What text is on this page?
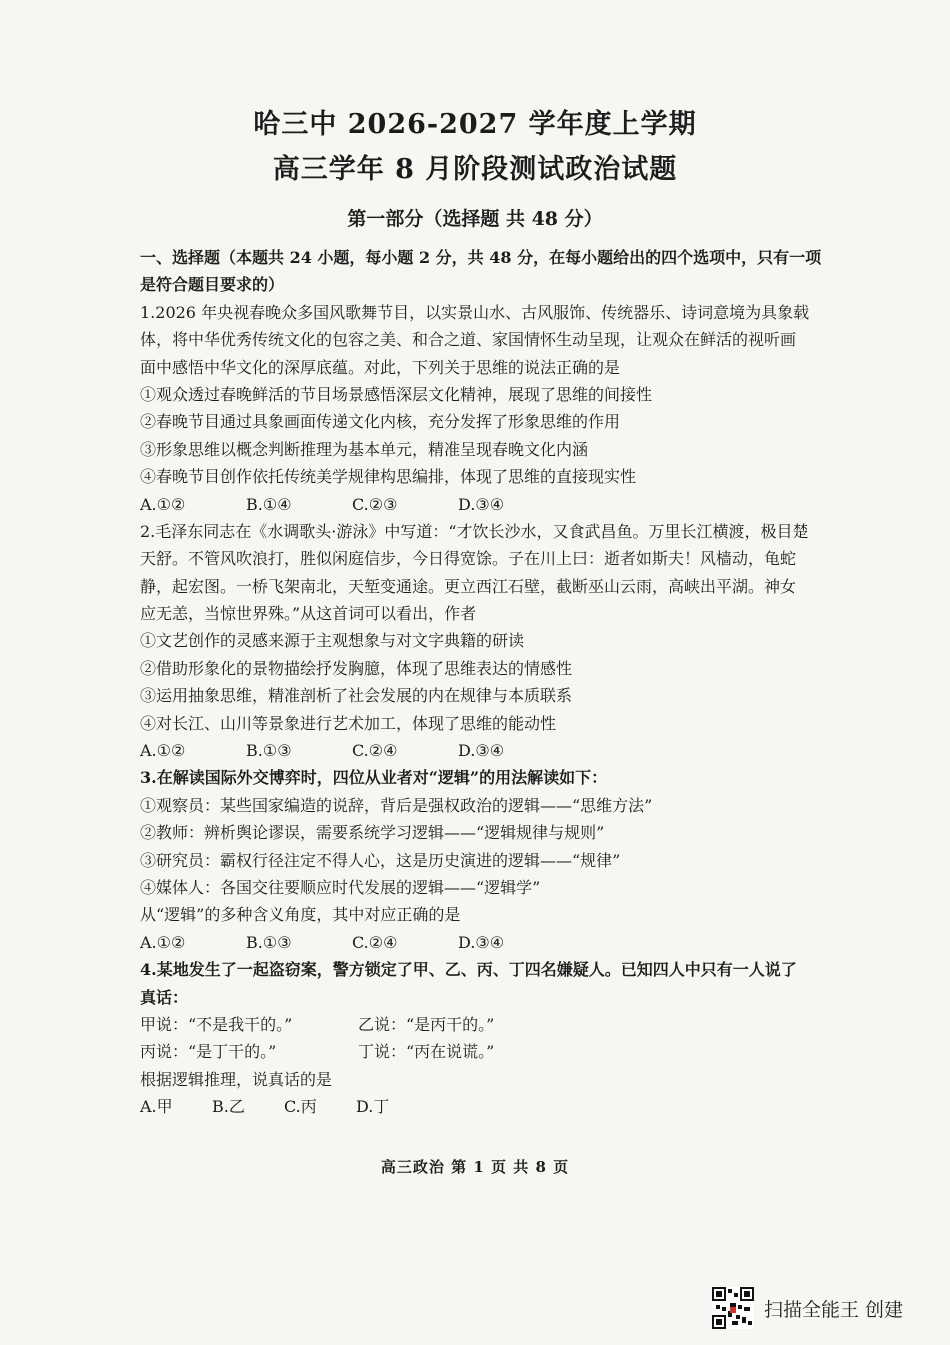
哈三中 2026-2027 学年度上学期
高三学年 8 月阶段测试政治试题
第一部分（选择题 共 48 分）
一、选择题（本题共 24 小题，每小题 2 分，共 48 分，在每小题给出的四个选项中，只有一项
是符合题目要求的）
1.2026 年央视春晚众多国风歌舞节目，以实景山水、古风服饰、传统器乐、诗词意境为具象载
体，将中华优秀传统文化的包容之美、和合之道、家国情怀生动呈现，让观众在鲜活的视听画
面中感悟中华文化的深厚底蕴。对此，下列关于思维的说法正确的是
①观众透过春晚鲜活的节目场景感悟深层文化精神，展现了思维的间接性
②春晚节目通过具象画面传递文化内核，充分发挥了形象思维的作用
③形象思维以概念判断推理为基本单元，精准呈现春晚文化内涵
④春晚节目创作依托传统美学规律构思编排，体现了思维的直接现实性
A.①②	B.①④	C.②③	D.③④
2.毛泽东同志在《水调歌头·游泳》中写道：“才饮长沙水，又食武昌鱼。万里长江横渡，极目楚
天舒。不管风吹浪打，胜似闲庭信步，今日得宽馀。子在川上曰：逝者如斯夫！风樯动，龟蛇
静，起宏图。一桥飞架南北，天堑变通途。更立西江石壁，截断巫山云雨，高峡出平湖。神女
应无恙，当惊世界殊。”从这首词可以看出，作者
①文艺创作的灵感来源于主观想象与对文字典籍的研读
②借助形象化的景物描绘抒发胸臆，体现了思维表达的情感性
③运用抽象思维，精准剖析了社会发展的内在规律与本质联系
④对长江、山川等景象进行艺术加工，体现了思维的能动性
A.①②	B.①③	C.②④	D.③④
3.在解读国际外交博弈时，四位从业者对“逻辑”的用法解读如下：
①观察员：某些国家编造的说辞，背后是强权政治的逻辑——“思维方法”
②教师：辨析舆论谬误，需要系统学习逻辑——“逻辑规律与规则”
③研究员：霸权行径注定不得人心，这是历史演进的逻辑——“规律”
④媒体人：各国交往要顺应时代发展的逻辑——“逻辑学”
从“逻辑”的多种含义角度，其中对应正确的是
A.①②	B.①③	C.②④	D.③④
4.某地发生了一起盗窃案，警方锁定了甲、乙、丙、丁四名嫌疑人。已知四人中只有一人说了
真话：
甲说：“不是我干的。”	乙说：“是丙干的。”
丙说：“是丁干的。”	丁说：“丙在说谎。”
根据逻辑推理，说真话的是
A.甲	B.乙	C.丙	D.丁
高三政治 第 1 页 共 8 页
扫描全能王 创建
